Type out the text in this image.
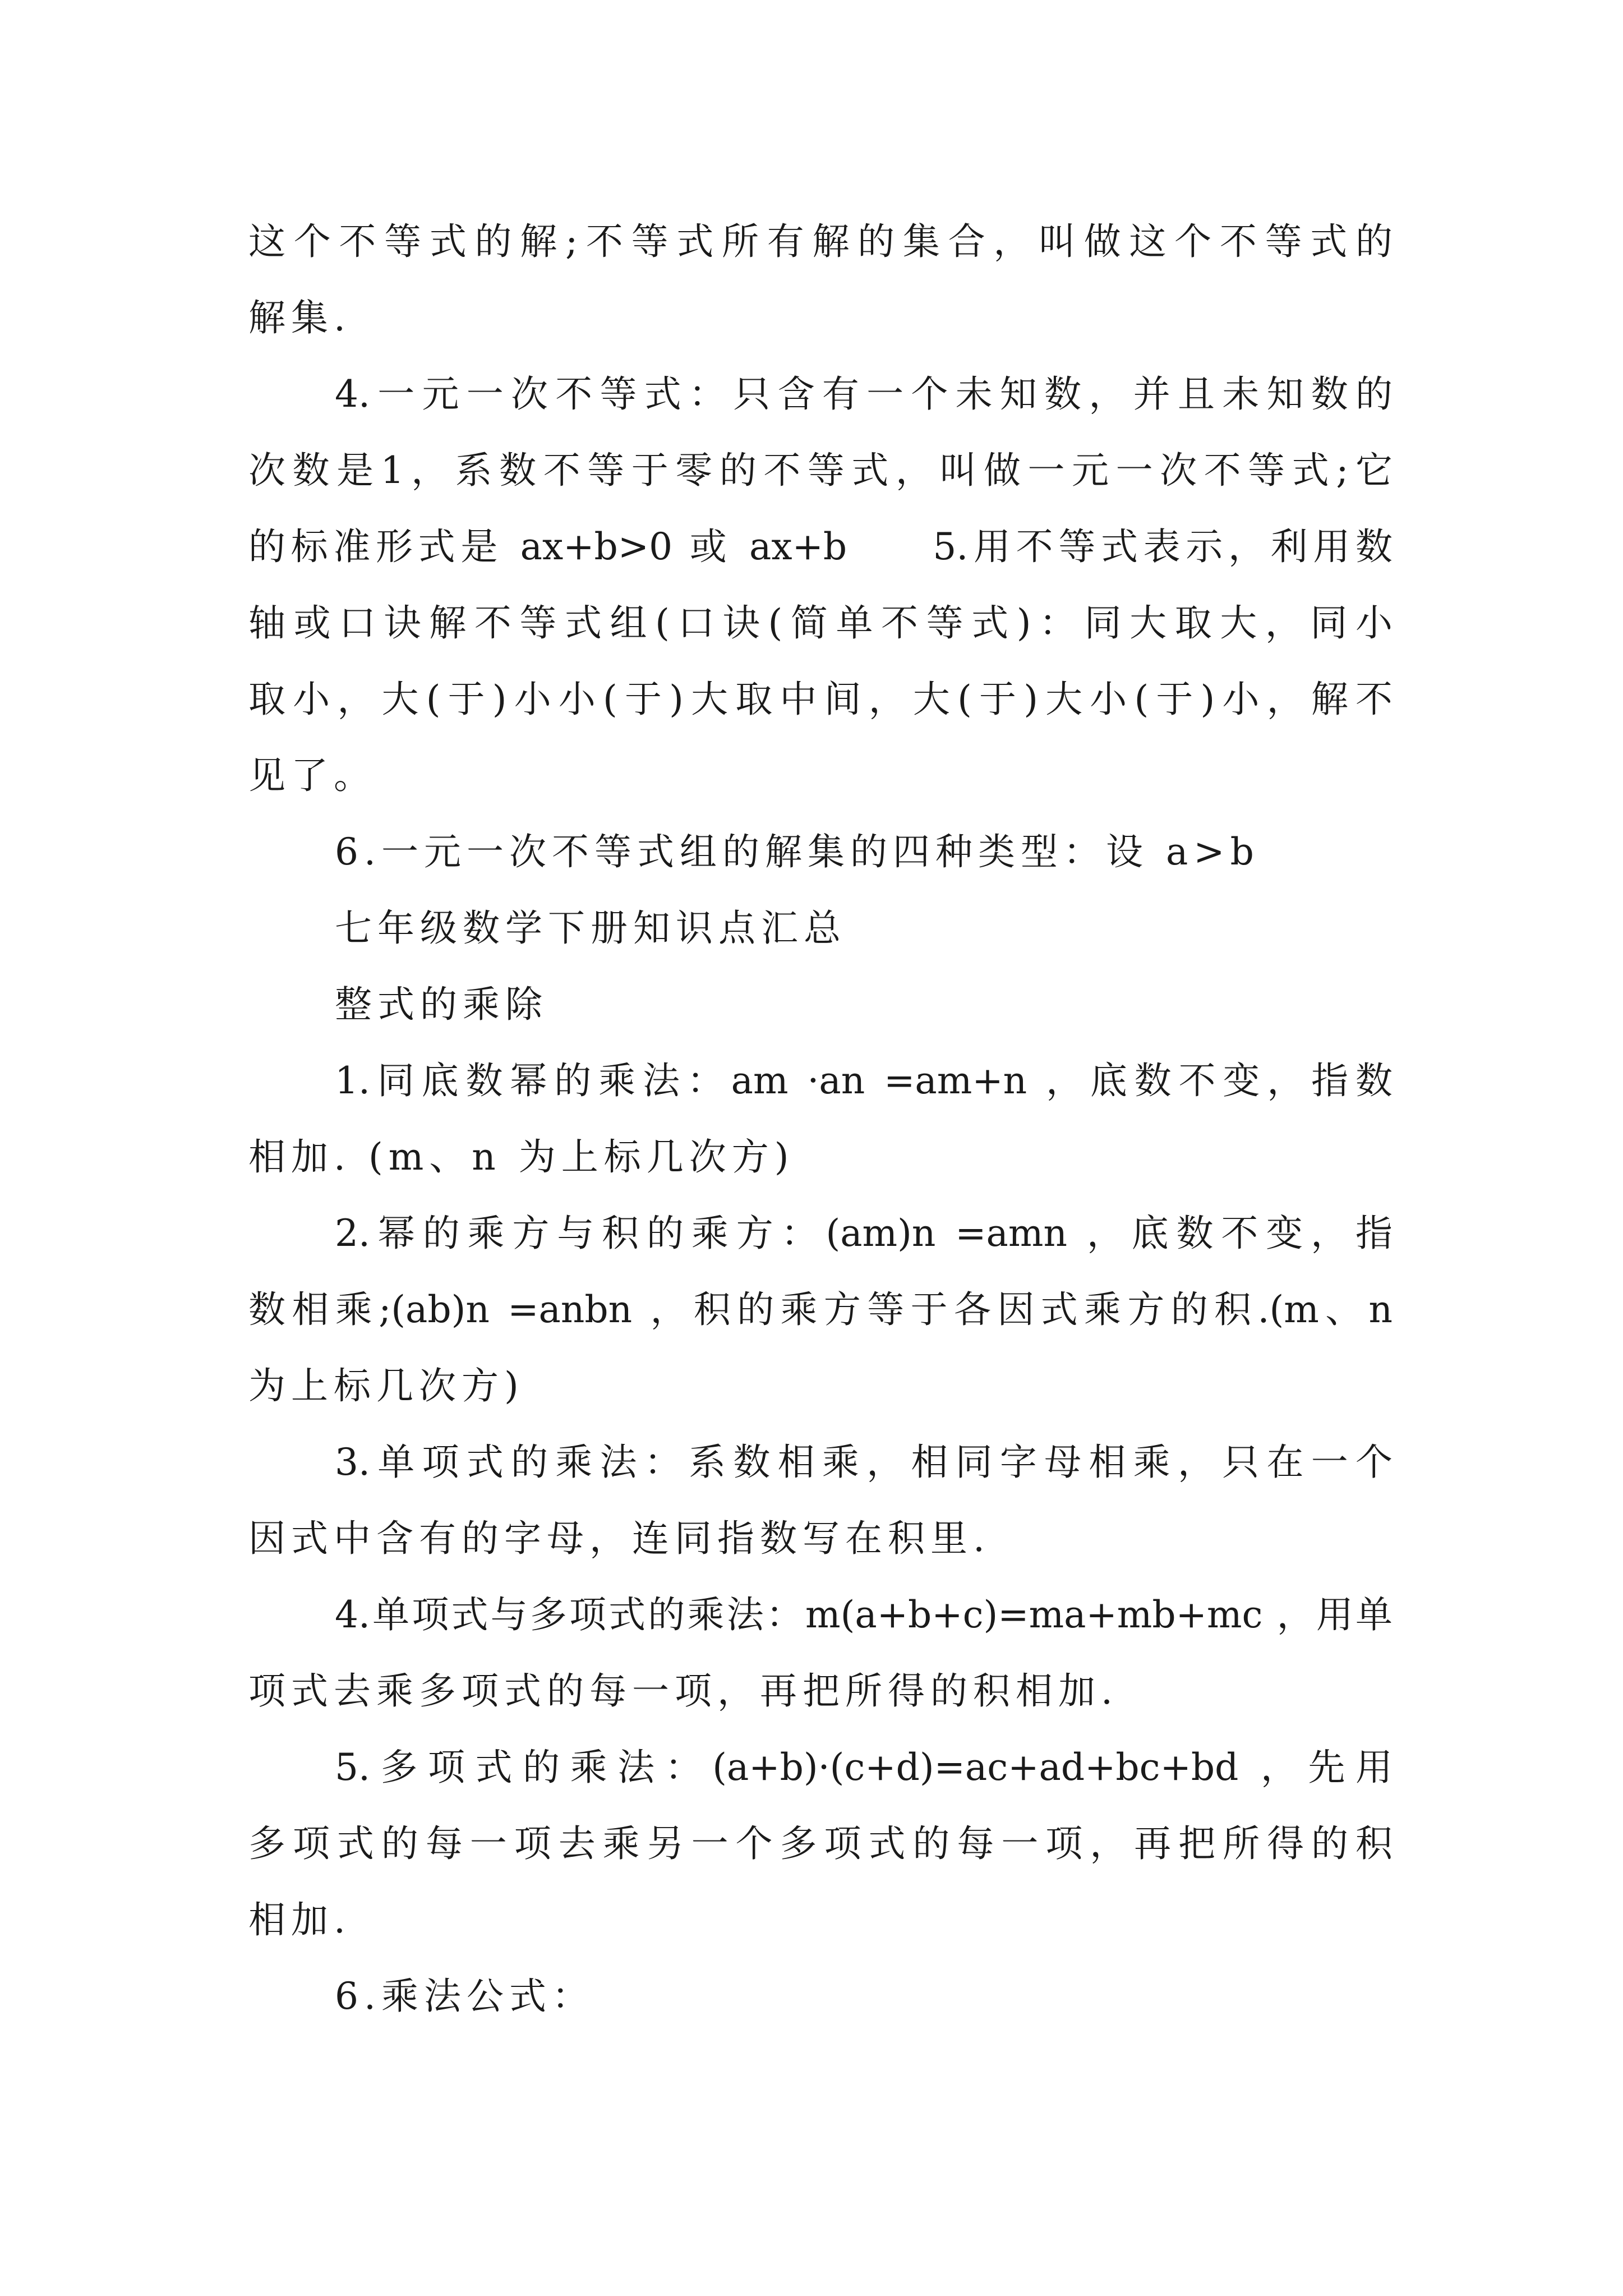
这个不等式的解;不等式所有解的集合，叫做这个不等式的
解集.
4.一元一次不等式：只含有一个未知数，并且未知数的
次数是1，系数不等于零的不等式，叫做一元一次不等式;它
的标准形式是 ax+b>0 或 ax+b     5.用不等式表示，利用数
轴或口诀解不等式组(口诀(简单不等式)：同大取大，同小
取小，大(于)小小(于)大取中间，大(于)大小(于)小，解不
见了。
6.一元一次不等式组的解集的四种类型：设 a>b
七年级数学下册知识点汇总
整式的乘除
1.同底数幂的乘法：am ·an =am+n ，底数不变，指数
相加. (m、n 为上标几次方)
2.幂的乘方与积的乘方：(am)n =amn ，底数不变，指
数相乘;(ab)n =anbn ，积的乘方等于各因式乘方的积.(m、n
为上标几次方)
3.单项式的乘法：系数相乘，相同字母相乘，只在一个
因式中含有的字母，连同指数写在积里.
4.单项式与多项式的乘法：m(a+b+c)=ma+mb+mc ，用单
项式去乘多项式的每一项，再把所得的积相加.
5.多项式的乘法：(a+b)·(c+d)=ac+ad+bc+bd ，先用
多项式的每一项去乘另一个多项式的每一项，再把所得的积
相加.
6.乘法公式：
